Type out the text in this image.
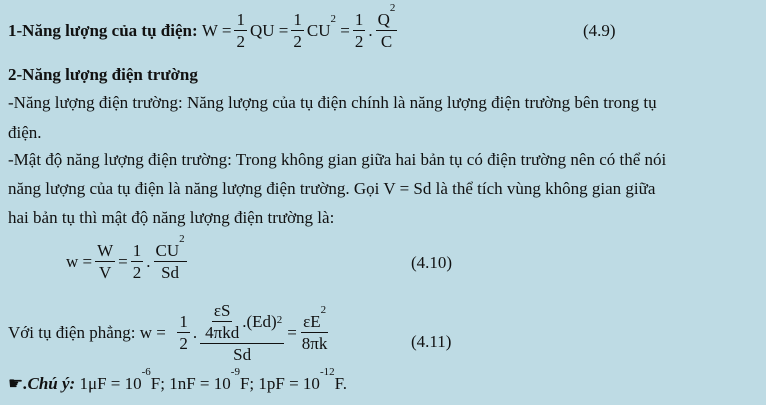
1-Năng lượng của tụ điện:
$W = \frac{1}{2}$ QU = $\frac{1}{2} CU^2$

= $\frac{1}{2}$ . $\frac{Q^2}{C}$	(4.9)
2-Năng lượng điện trường
-Năng lượng điện trường: Năng lượng của tụ điện chính là năng lượng điện trường bên trong tụ
điện.
-Mật độ năng lượng điện trường: Trong không gian giữa hai bản tụ có điện trường nên có thể nói
năng lượng của tụ điện là năng lượng điện trường. Gọi V = Sd là thể tích vùng không gian giữa
hai bản tụ thì mật độ năng lượng điện trường là:
$w = \frac{W}{V} = \frac{1}{2}$ . $\frac{CU^2}{Sd}$	(4.10)
Với tụ điện phẳng: w =
$\frac{1}{2}$ . $\frac{\frac{\varepsilon S}{\text{4πkd}} .(Ed)^2}{Sd} = \frac{\varepsilon E^2}{8\pi k}$	(4.11)
☛.Chú ý: $1\mu F = 10^{-6}F$; $1nF = 10^{-9}F$; $1pF = 10^{-12}F$.
